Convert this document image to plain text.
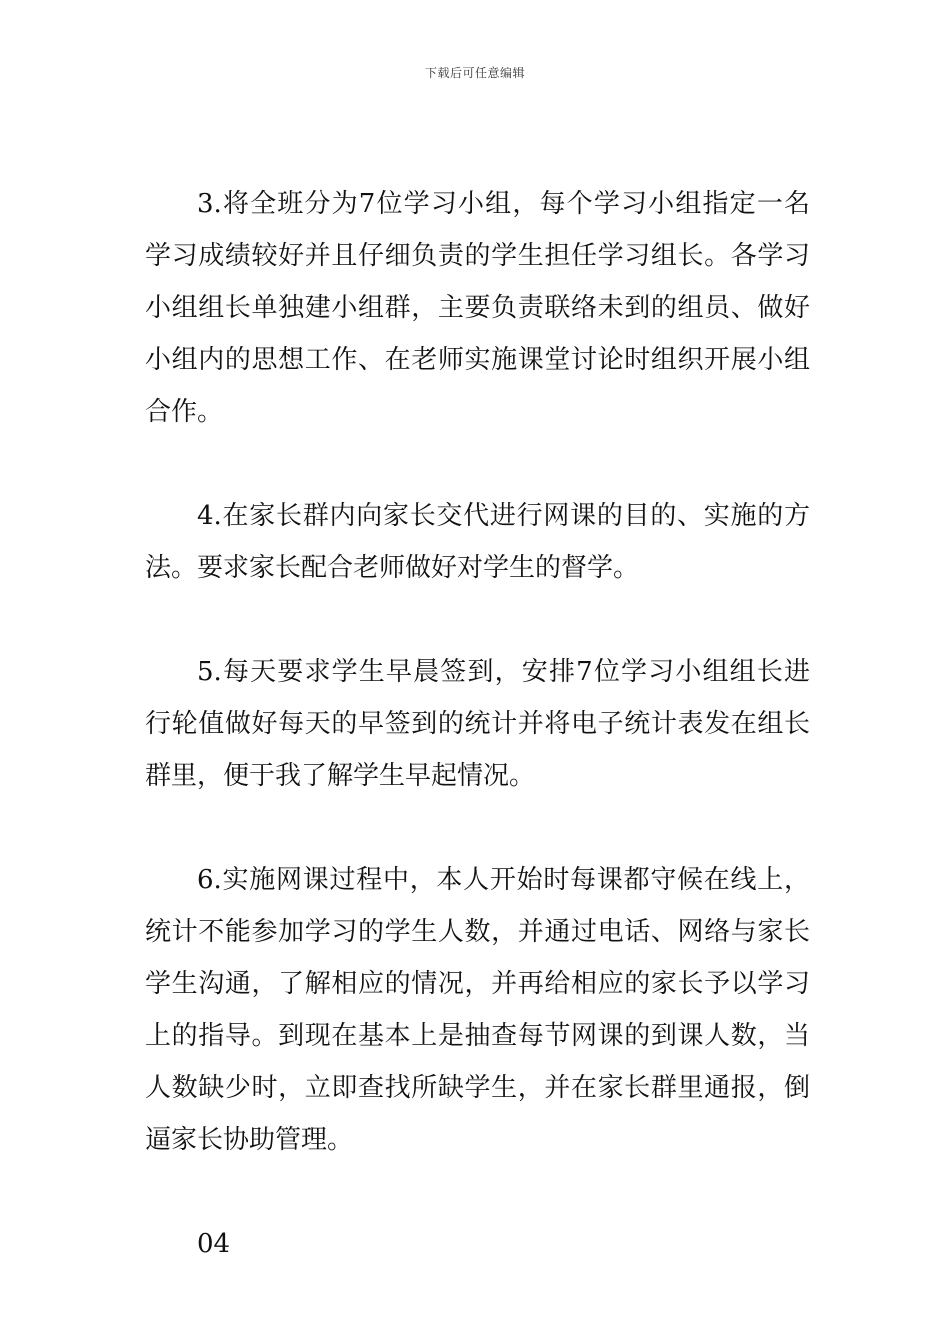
下载后可任意编辑

3.将全班分为7位学习小组，每个学习小组指定一名学习成绩较好并且仔细负责的学生担任学习组长。各学习小组组长单独建小组群，主要负责联络未到的组员、做好小组内的思想工作、在老师实施课堂讨论时组织开展小组合作。

4.在家长群内向家长交代进行网课的目的、实施的方法。要求家长配合老师做好对学生的督学。

5.每天要求学生早晨签到，安排7位学习小组组长进行轮值做好每天的早签到的统计并将电子统计表发在组长群里，便于我了解学生早起情况。

6.实施网课过程中，本人开始时每课都守候在线上，统计不能参加学习的学生人数，并通过电话、网络与家长学生沟通，了解相应的情况，并再给相应的家长予以学习上的指导。到现在基本上是抽查每节网课的到课人数，当人数缺少时，立即查找所缺学生，并在家长群里通报，倒逼家长协助管理。

04
